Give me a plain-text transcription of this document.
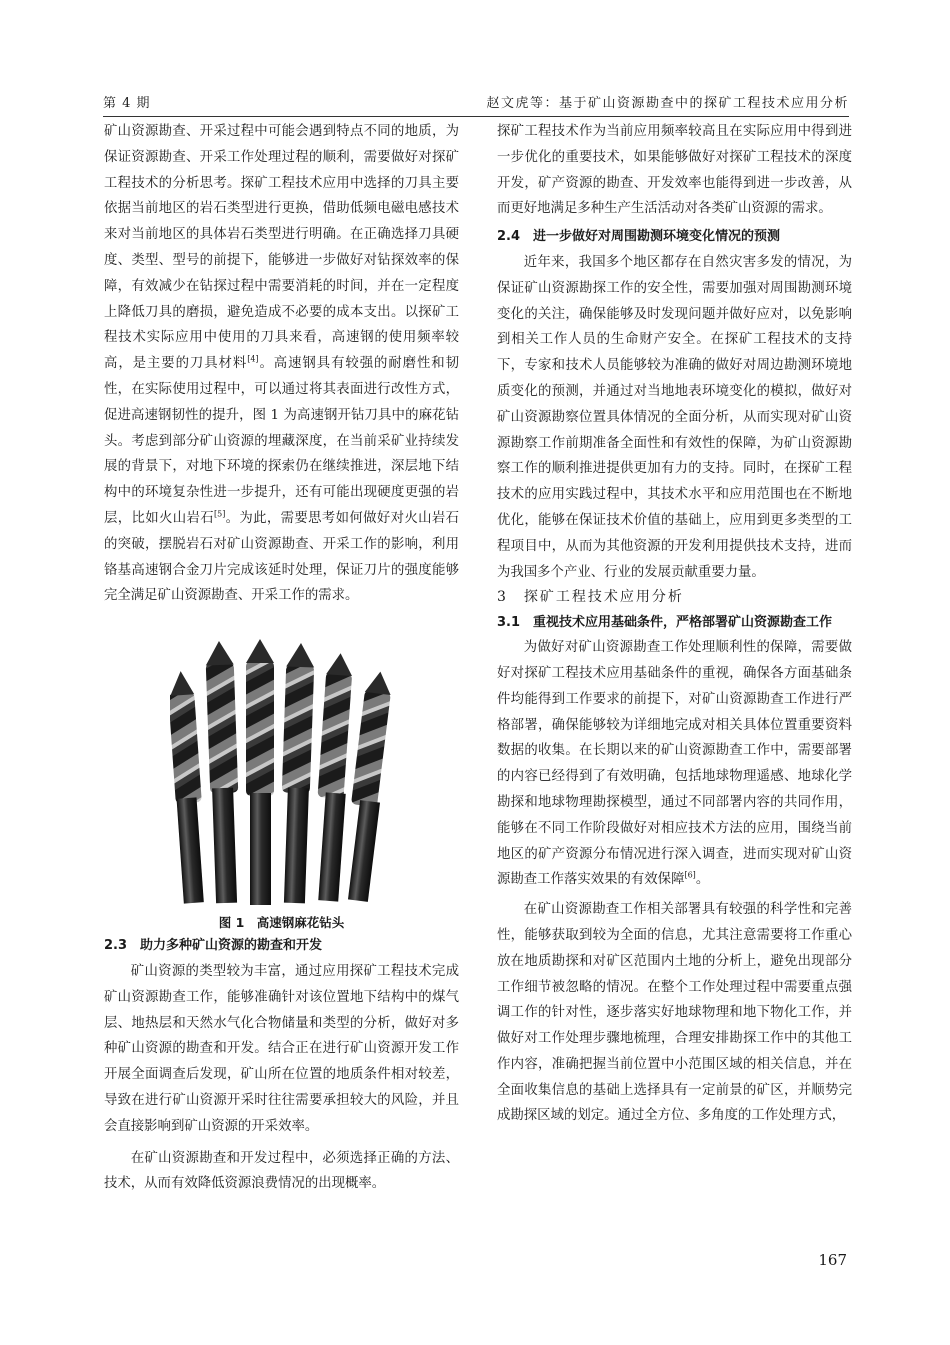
第 4 期	赵文虎等：基于矿山资源勘查中的探矿工程技术应用分析

矿山资源勘查、开采过程中可能会遇到特点不同的地质，为保证资源勘查、开采工作处理过程的顺利，需要做好对探矿工程技术的分析思考。探矿工程技术应用中选择的刀具主要依据当前地区的岩石类型进行更换，借助低频电磁电感技术来对当前地区的具体岩石类型进行明确。在正确选择刀具硬度、类型、型号的前提下，能够进一步做好对钻探效率的保障，有效减少在钻探过程中需要消耗的时间，并在一定程度上降低刀具的磨损，避免造成不必要的成本支出。以探矿工程技术实际应用中使用的刀具来看，高速钢的使用频率较高，是主要的刀具材料[4]。高速钢具有较强的耐磨性和韧性，在实际使用过程中，可以通过将其表面进行改性方式，促进高速钢韧性的提升，图 1 为高速钢开钻刀具中的麻花钻头。考虑到部分矿山资源的埋藏深度，在当前采矿业持续发展的背景下，对地下环境的探索仍在继续推进，深层地下结构中的环境复杂性进一步提升，还有可能出现硬度更强的岩层，比如火山岩石[5]。为此，需要思考如何做好对火山岩石的突破，摆脱岩石对矿山资源勘查、开采工作的影响，利用铬基高速钢合金刀片完成该延时处理，保证刀片的强度能够完全满足矿山资源勘查、开采工作的需求。

图 1　高速钢麻花钻头

2.3　助力多种矿山资源的勘查和开发

矿山资源的类型较为丰富，通过应用探矿工程技术完成矿山资源勘查工作，能够准确针对该位置地下结构中的煤气层、地热层和天然水气化合物储量和类型的分析，做好对多种矿山资源的勘查和开发。结合正在进行矿山资源开发工作开展全面调查后发现，矿山所在位置的地质条件相对较差，导致在进行矿山资源开采时往往需要承担较大的风险，并且会直接影响到矿山资源的开采效率。

在矿山资源勘查和开发过程中，必须选择正确的方法、技术，从而有效降低资源浪费情况的出现概率。

探矿工程技术作为当前应用频率较高且在实际应用中得到进一步优化的重要技术，如果能够做好对探矿工程技术的深度开发，矿产资源的勘查、开发效率也能得到进一步改善，从而更好地满足多种生产生活活动对各类矿山资源的需求。

2.4　进一步做好对周围勘测环境变化情况的预测

近年来，我国多个地区都存在自然灾害多发的情况，为保证矿山资源勘探工作的安全性，需要加强对周围勘测环境变化的关注，确保能够及时发现问题并做好应对，以免影响到相关工作人员的生命财产安全。在探矿工程技术的支持下，专家和技术人员能够较为准确的做好对周边勘测环境地质变化的预测，并通过对当地地表环境变化的模拟，做好对矿山资源勘察位置具体情况的全面分析，从而实现对矿山资源勘察工作前期准备全面性和有效性的保障，为矿山资源勘察工作的顺利推进提供更加有力的支持。同时，在探矿工程技术的应用实践过程中，其技术水平和应用范围也在不断地优化，能够在保证技术价值的基础上，应用到更多类型的工程项目中，从而为其他资源的开发利用提供技术支持，进而为我国多个产业、行业的发展贡献重要力量。

3　探矿工程技术应用分析

3.1　重视技术应用基础条件，严格部署矿山资源勘查工作

为做好对矿山资源勘查工作处理顺利性的保障，需要做好对探矿工程技术应用基础条件的重视，确保各方面基础条件均能得到工作要求的前提下，对矿山资源勘查工作进行严格部署，确保能够较为详细地完成对相关具体位置重要资料数据的收集。在长期以来的矿山资源勘查工作中，需要部署的内容已经得到了有效明确，包括地球物理遥感、地球化学勘探和地球物理勘探模型，通过不同部署内容的共同作用，能够在不同工作阶段做好对相应技术方法的应用，围绕当前地区的矿产资源分布情况进行深入调查，进而实现对矿山资源勘查工作落实效果的有效保障[6]。

在矿山资源勘查工作相关部署具有较强的科学性和完善性，能够获取到较为全面的信息，尤其注意需要将工作重心放在地质勘探和对矿区范围内土地的分析上，避免出现部分工作细节被忽略的情况。在整个工作处理过程中需要重点强调工作的针对性，逐步落实好地球物理和地下物化工作，并做好对工作处理步骤地梳理，合理安排勘探工作中的其他工作内容，准确把握当前位置中小范围区域的相关信息，并在全面收集信息的基础上选择具有一定前景的矿区，并顺势完成勘探区域的划定。通过全方位、多角度的工作处理方式，

167
